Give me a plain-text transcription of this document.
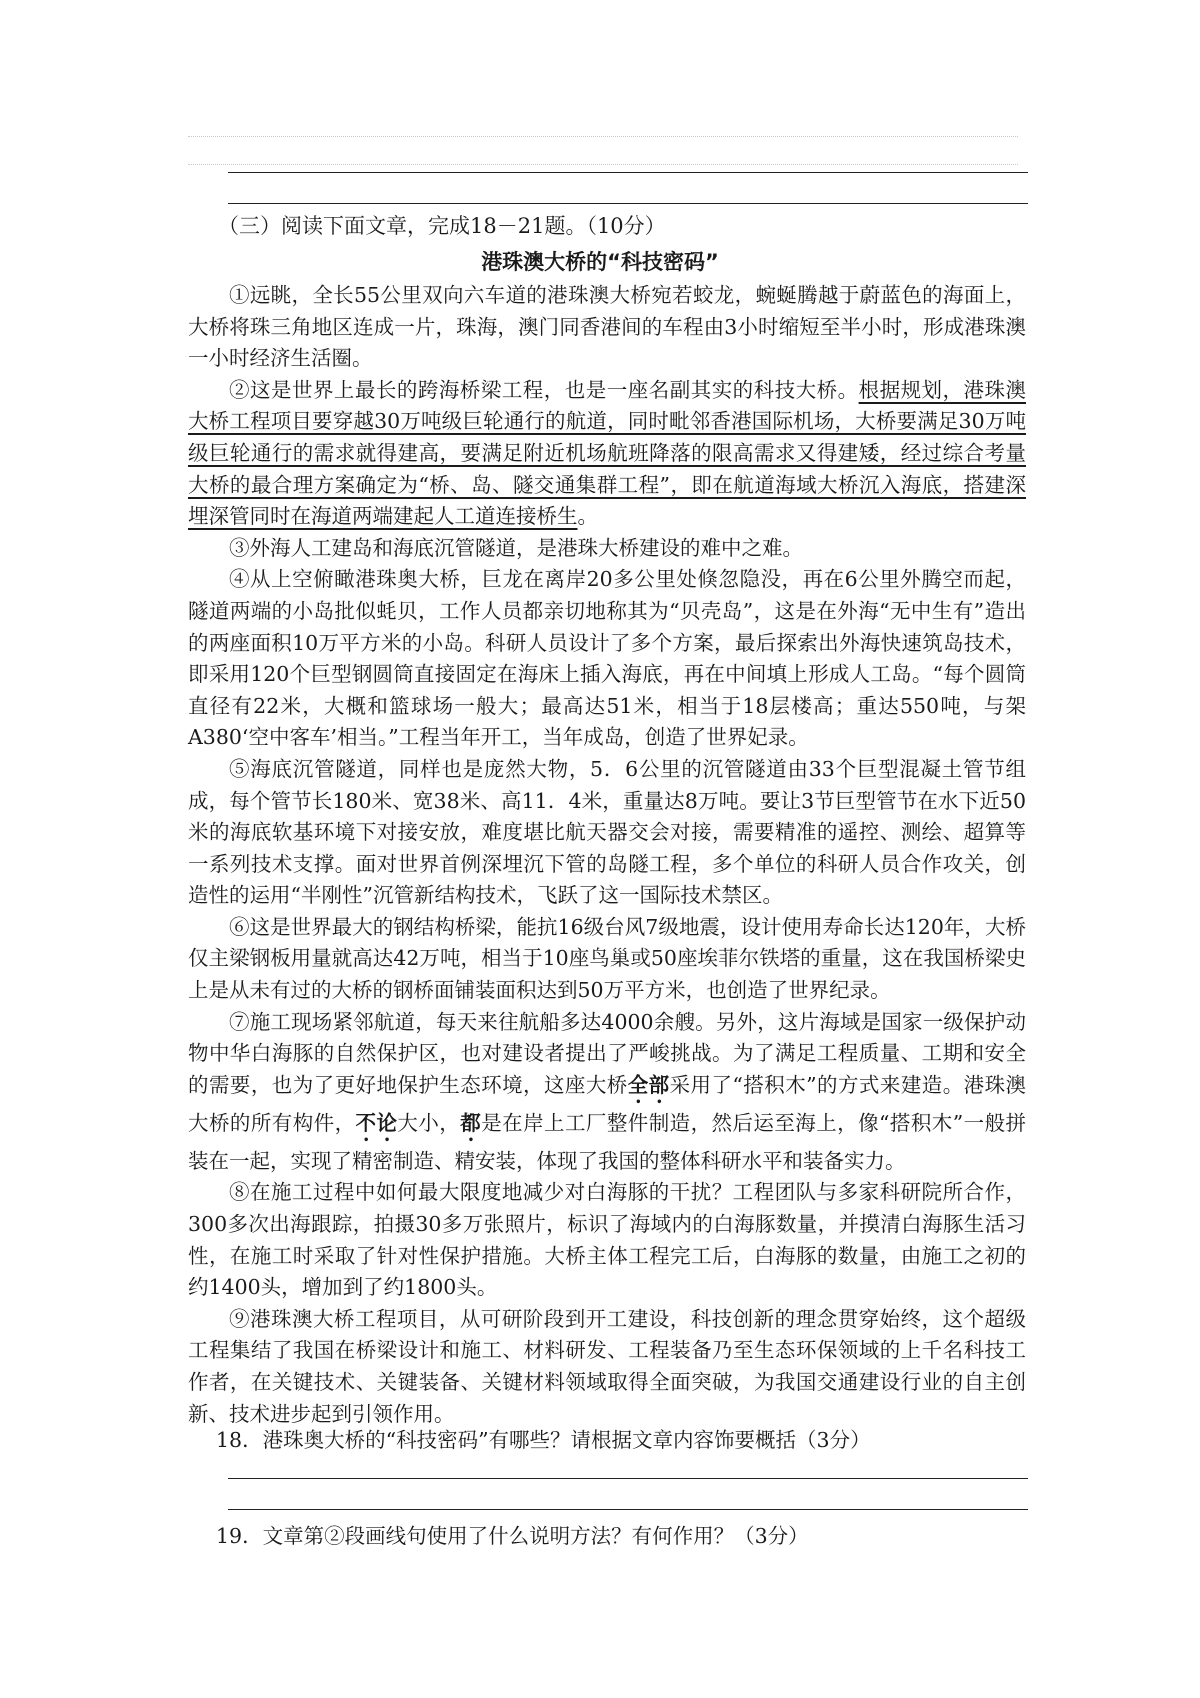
（三）阅读下面文章，完成18－21题。（10分）
港珠澳大桥的“科技密码”

①远眺，全长55公里双向六车道的港珠澳大桥宛若蛟龙，蜿蜒腾越于蔚蓝色的海面上，大桥将珠三角地区连成一片，珠海，澳门同香港间的车程由3小时缩短至半小时，形成港珠澳一小时经济生活圈。

②这是世界上最长的跨海桥梁工程，也是一座名副其实的科技大桥。根据规划，港珠澳大桥工程项目要穿越30万吨级巨轮通行的航道，同时毗邻香港国际机场，大桥要满足30万吨级巨轮通行的需求就得建高，要满足附近机场航班降落的限高需求又得建矮，经过综合考量大桥的最合理方案确定为“桥、岛、隧交通集群工程”，即在航道海域大桥沉入海底，搭建深埋深管同时在海道两端建起人工道连接桥生。

③外海人工建岛和海底沉管隧道，是港珠大桥建设的难中之难。

④从上空俯瞰港珠奥大桥，巨龙在离岸20多公里处倏忽隐没，再在6公里外腾空而起，隧道两端的小岛批似蚝贝，工作人员都亲切地称其为“贝壳岛”，这是在外海“无中生有”造出的两座面积10万平方米的小岛。科研人员设计了多个方案，最后探索出外海快速筑岛技术，即采用120个巨型钢圆筒直接固定在海床上插入海底，再在中间填上形成人工岛。“每个圆筒直径有22米，大概和篮球场一般大；最高达51米，相当于18层楼高；重达550吨，与架A380‘空中客车’相当。”工程当年开工，当年成岛，创造了世界妃录。

⑤海底沉管隧道，同样也是庞然大物，5．6公里的沉管隧道由33个巨型混凝土管节组成，每个管节长180米、宽38米、高11．4米，重量达8万吨。要让3节巨型管节在水下近50米的海底软基环境下对接安放，难度堪比航天器交会对接，需要精准的遥控、测绘、超算等一系列技术支撑。面对世界首例深埋沉下管的岛隧工程，多个单位的科研人员合作攻关，创造性的运用“半刚性”沉管新结构技术，飞跃了这一国际技术禁区。

⑥这是世界最大的钢结构桥梁，能抗16级台风7级地震，设计使用寿命长达120年，大桥仅主梁钢板用量就高达42万吨，相当于10座鸟巢或50座埃菲尔铁塔的重量，这在我国桥梁史上是从未有过的大桥的钢桥面铺装面积达到50万平方米，也创造了世界纪录。

⑦施工现场紧邻航道，每天来往航船多达4000余艘。另外，这片海域是国家一级保护动物中华白海豚的自然保护区，也对建设者提出了严峻挑战。为了满足工程质量、工期和安全的需要，也为了更好地保护生态环境，这座大桥全部采用了“搭积木”的方式来建造。港珠澳大桥的所有构件，不论大小，都是在岸上工厂整件制造，然后运至海上，像“搭积木”一般拼装在一起，实现了精密制造、精安装，体现了我国的整体科研水平和装备实力。

⑧在施工过程中如何最大限度地减少对白海豚的干扰？工程团队与多家科研院所合作，300多次出海跟踪，拍摄30多万张照片，标识了海域内的白海豚数量，并摸清白海豚生活习性，在施工时采取了针对性保护措施。大桥主体工程完工后，白海豚的数量，由施工之初的约1400头，增加到了约1800头。

⑨港珠澳大桥工程项目，从可研阶段到开工建设，科技创新的理念贯穿始终，这个超级工程集结了我国在桥梁设计和施工、材料研发、工程装备乃至生态环保领域的上千名科技工作者，在关键技术、关键装备、关键材料领域取得全面突破，为我国交通建设行业的自主创新、技术进步起到引领作用。

18．港珠奥大桥的“科技密码”有哪些？请根据文章内容饰要概括（3分）
19．文章第②段画线句使用了什么说明方法？有何作用？（3分）
